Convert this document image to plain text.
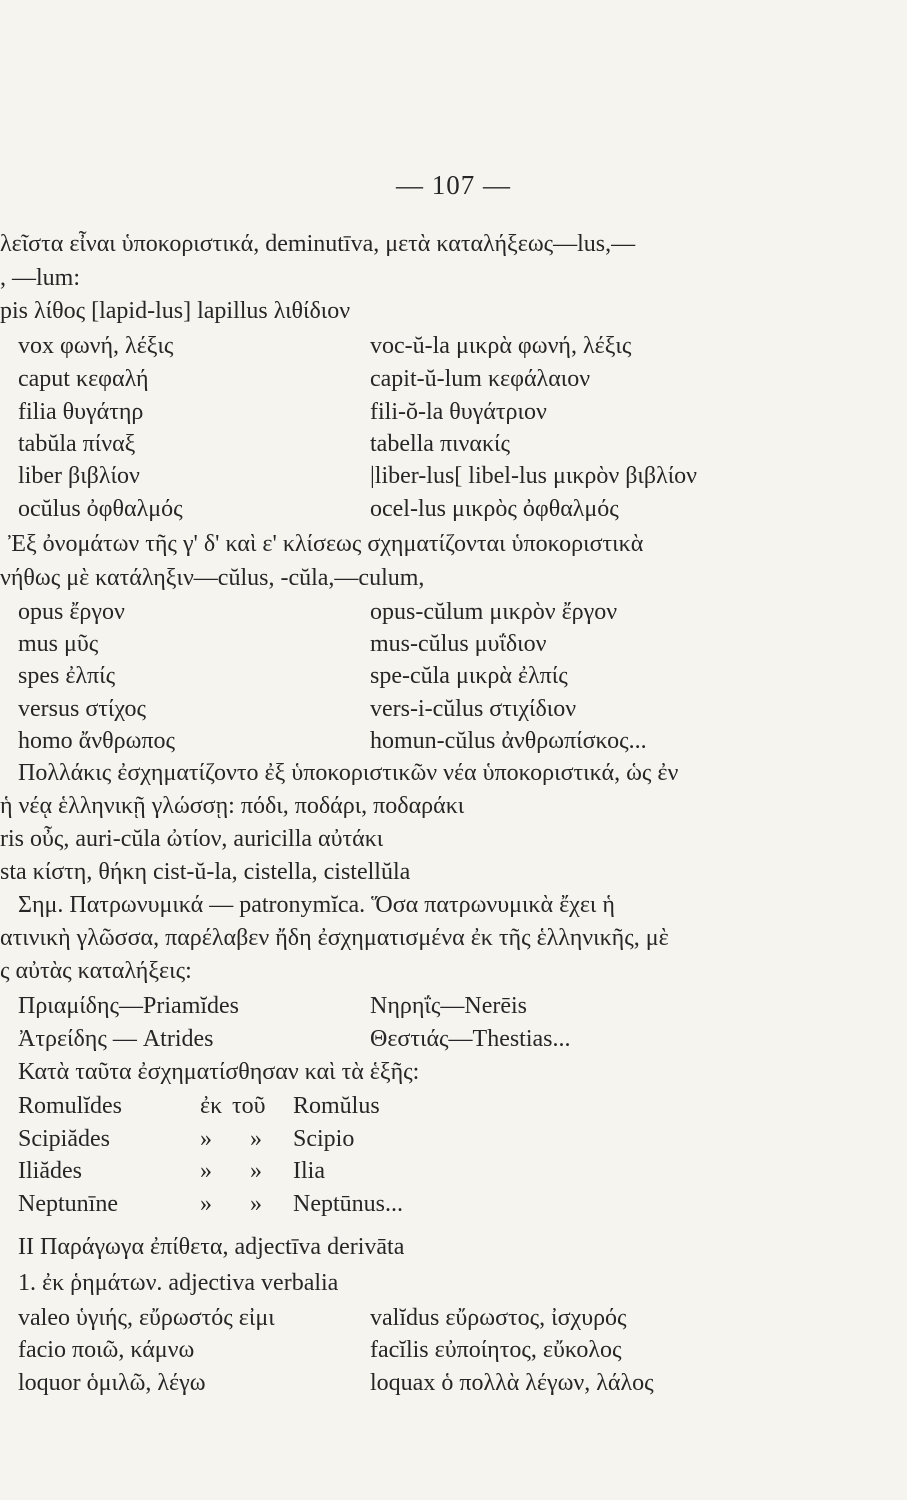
— 107 —
λεῖστα εἶναι ὑποκοριστικά, deminutīva, μετὰ καταλήξεως—lus,—
, —lum:
pis λίθος [lapid-lus] lapillus λιθίδιον
vox φωνή, λέξις	voc-ŭ-la μικρὰ φωνή, λέξις
caput κεφαλή	capit-ŭ-lum κεφάλαιον
filia θυγάτηρ	fili-ŏ-la θυγάτριον
tabŭla πίναξ	tabella πινακίς
liber βιβλίον	|liber-lus[ libel-lus μικρὸν βιβλίον
ocŭlus ὀφθαλμός	ocel-lus μικρὸς ὀφθαλμός
Ἐξ ὀνομάτων τῆς γ' δ' καὶ ε' κλίσεως σχηματίζονται ὑποκοριστικὰ
νήθως μὲ κατάληξιν—cŭlus, -cŭla,—culum,
opus ἔργον	opus-cŭlum μικρὸν ἔργον
mus μῦς	mus-cŭlus μυΐδιον
spes ἐλπίς	spe-cŭla μικρὰ ἐλπίς
versus στίχος	vers-i-cŭlus στιχίδιον
homo ἄνθρωπος	homun-cŭlus ἀνθρωπίσκος...
Πολλάκις ἐσχηματίζοντο ἐξ ὑποκοριστικῶν νέα ὑποκοριστικά, ὡς ἐν
ἡ νέᾳ ἑλληνικῇ γλώσσῃ: πόδι, ποδάρι, ποδαράκι
ris οὖς, auri-cŭla ὠτίον, auricilla αὐτάκι
sta κίστη, θήκη cist-ŭ-la, cistella, cistellŭla
Σημ. Πατρωνυμικά — patronymĭca. Ὅσα πατρωνυμικὰ ἔχει ἡ
ατινικὴ γλῶσσα, παρέλαβεν ἤδη ἐσχηματισμένα ἐκ τῆς ἑλληνικῆς, μὲ
ς αὐτὰς καταλήξεις:
Πριαμίδης—Priamĭdes	Νηρηΐς—Nerēis
Ἀτρείδης — Atrides	Θεστιάς—Thestias...
Κατὰ ταῦτα ἐσχηματίσθησαν καὶ τὰ ἑξῆς:
Romulĭdes	ἐκ τοῦ Romŭlus
Scipiădes	» » Scipio
Iliădes	» » Ilia
Neptunīne	» » Neptūnus...
II Παράγωγα ἐπίθετα, adjectīva derivāta
1. ἐκ ῥημάτων. adjectiva verbalia
valeo ὑγιής, εὔρωστός εἰμι	valĭdus εὔρωστος, ἰσχυρός
facio ποιῶ, κάμνω	facĭlis εὐποίητος, εὔκολος
loquor ὁμιλῶ, λέγω	loquax ὁ πολλὰ λέγων, λάλος
